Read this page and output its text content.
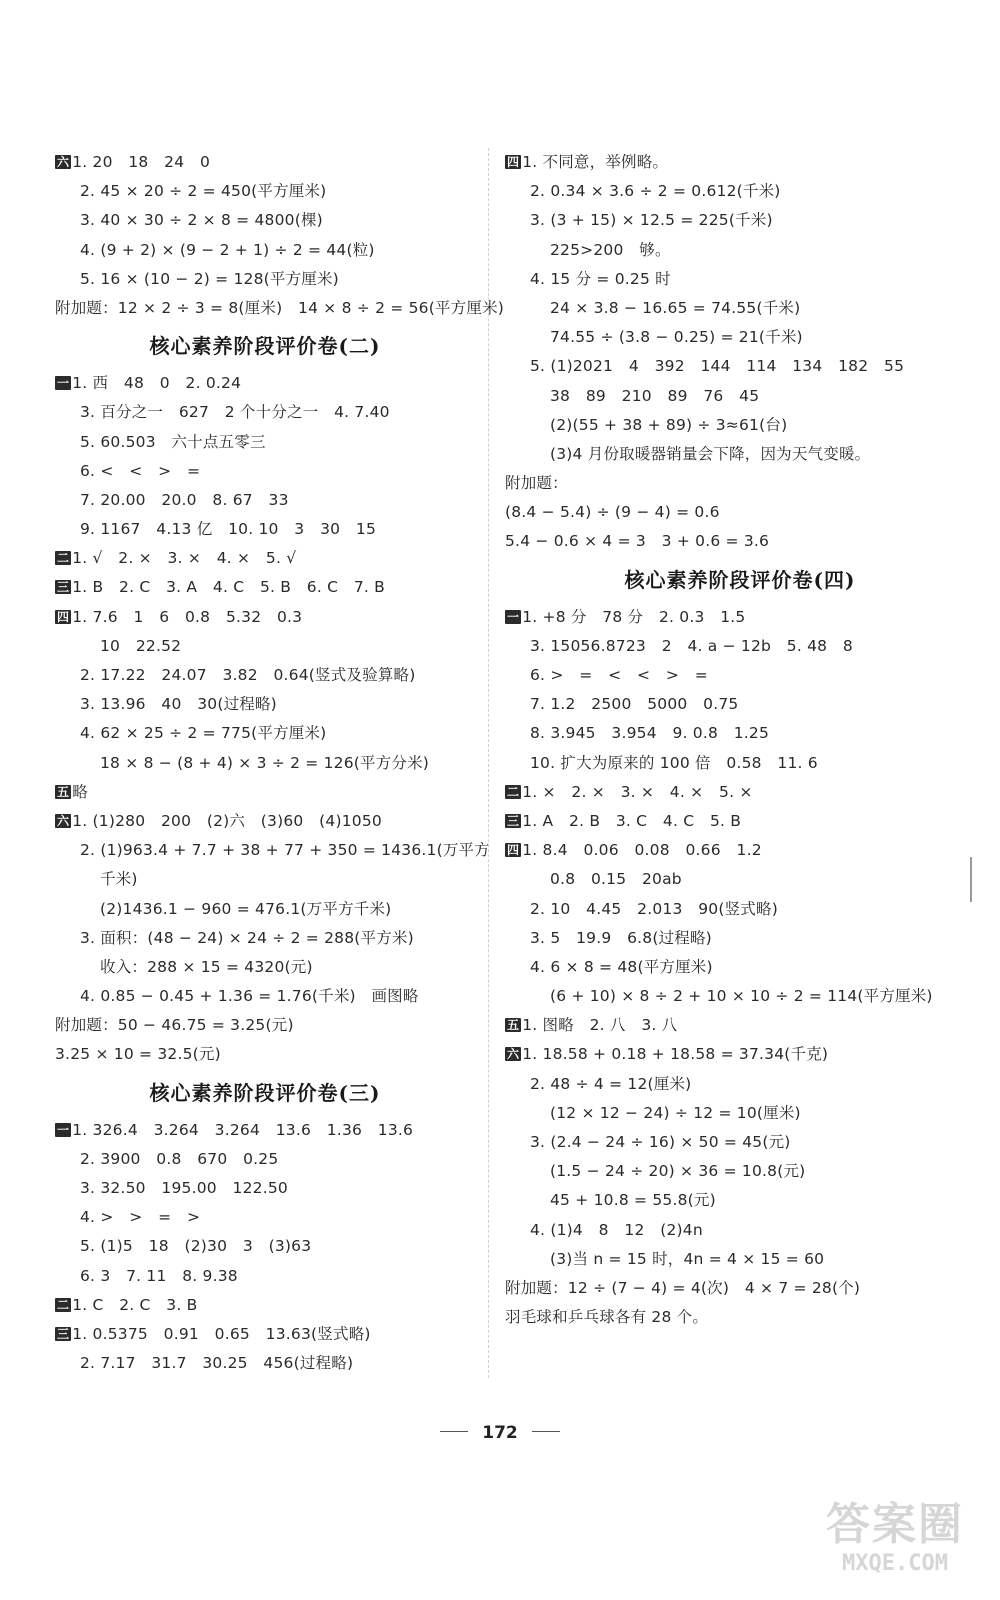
六 1. 20　18　24　0
2. 45 × 20 ÷ 2 = 450(平方厘米)
3. 40 × 30 ÷ 2 × 8 = 4800(棵)
4. (9 + 2) × (9 − 2 + 1) ÷ 2 = 44(粒)
5. 16 × (10 − 2) = 128(平方厘米)
附加题：12 × 2 ÷ 3 = 8(厘米)　14 × 8 ÷ 2 = 56(平方厘米)
核心素养阶段评价卷(二)
一 1. 西　48　0　2. 0.24
3. 百分之一　627　2 个十分之一　4. 7.40
5. 60.503　六十点五零三
6. <　<　>　=
7. 20.00　20.0　8. 67　33
9. 1167　4.13 亿　10. 10　3　30　15
二 1. √　2. ×　3. ×　4. ×　5. √
三 1. B　2. C　3. A　4. C　5. B　6. C　7. B
四 1. 7.6　1　6　0.8　5.32　0.3
10　22.52
2. 17.22　24.07　3.82　0.64(竖式及验算略)
3. 13.96　40　30(过程略)
4. 62 × 25 ÷ 2 = 775(平方厘米)
18 × 8 − (8 + 4) × 3 ÷ 2 = 126(平方分米)
五 略
六 1. (1)280　200　(2)六　(3)60　(4)1050
2. (1)963.4 + 7.7 + 38 + 77 + 350 = 1436.1(万平方
千米)
(2)1436.1 − 960 = 476.1(万平方千米)
3. 面积：(48 − 24) × 24 ÷ 2 = 288(平方米)
收入：288 × 15 = 4320(元)
4. 0.85 − 0.45 + 1.36 = 1.76(千米)　画图略
附加题：50 − 46.75 = 3.25(元)
3.25 × 10 = 32.5(元)
核心素养阶段评价卷(三)
一 1. 326.4　3.264　3.264　13.6　1.36　13.6
2. 3900　0.8　670　0.25
3. 32.50　195.00　122.50
4. >　>　=　>
5. (1)5　18　(2)30　3　(3)63
6. 3　7. 11　8. 9.38
二 1. C　2. C　3. B
三 1. 0.5375　0.91　0.65　13.63(竖式略)
2. 7.17　31.7　30.25　456(过程略)
四 1. 不同意，举例略。
2. 0.34 × 3.6 ÷ 2 = 0.612(千米)
3. (3 + 15) × 12.5 = 225(千米)
225>200　够。
4. 15 分 = 0.25 时
24 × 3.8 − 16.65 = 74.55(千米)
74.55 ÷ (3.8 − 0.25) = 21(千米)
5. (1)2021　4　392　144　114　134　182　55
38　89　210　89　76　45
(2)(55 + 38 + 89) ÷ 3≈61(台)
(3)4 月份取暖器销量会下降，因为天气变暖。
附加题：
(8.4 − 5.4) ÷ (9 − 4) = 0.6
5.4 − 0.6 × 4 = 3　3 + 0.6 = 3.6
核心素养阶段评价卷(四)
一 1. +8 分　78 分　2. 0.3　1.5
3. 15056.8723　2　4. a − 12b　5. 48　8
6. >　=　<　<　>　=
7. 1.2　2500　5000　0.75
8. 3.945　3.954　9. 0.8　1.25
10. 扩大为原来的 100 倍　0.58　11. 6
二 1. ×　2. ×　3. ×　4. ×　5. ×
三 1. A　2. B　3. C　4. C　5. B
四 1. 8.4　0.06　0.08　0.66　1.2
0.8　0.15　20ab
2. 10　4.45　2.013　90(竖式略)
3. 5　19.9　6.8(过程略)
4. 6 × 8 = 48(平方厘米)
(6 + 10) × 8 ÷ 2 + 10 × 10 ÷ 2 = 114(平方厘米)
五 1. 图略　2. 八　3. 八
六 1. 18.58 + 0.18 + 18.58 = 37.34(千克)
2. 48 ÷ 4 = 12(厘米)
(12 × 12 − 24) ÷ 12 = 10(厘米)
3. (2.4 − 24 ÷ 16) × 50 = 45(元)
(1.5 − 24 ÷ 20) × 36 = 10.8(元)
45 + 10.8 = 55.8(元)
4. (1)4　8　12　(2)4n
(3)当 n = 15 时，4n = 4 × 15 = 60
附加题：12 ÷ (7 − 4) = 4(次)　4 × 7 = 28(个)
羽毛球和乒乓球各有 28 个。
172
答案圈
MXQE.COM
